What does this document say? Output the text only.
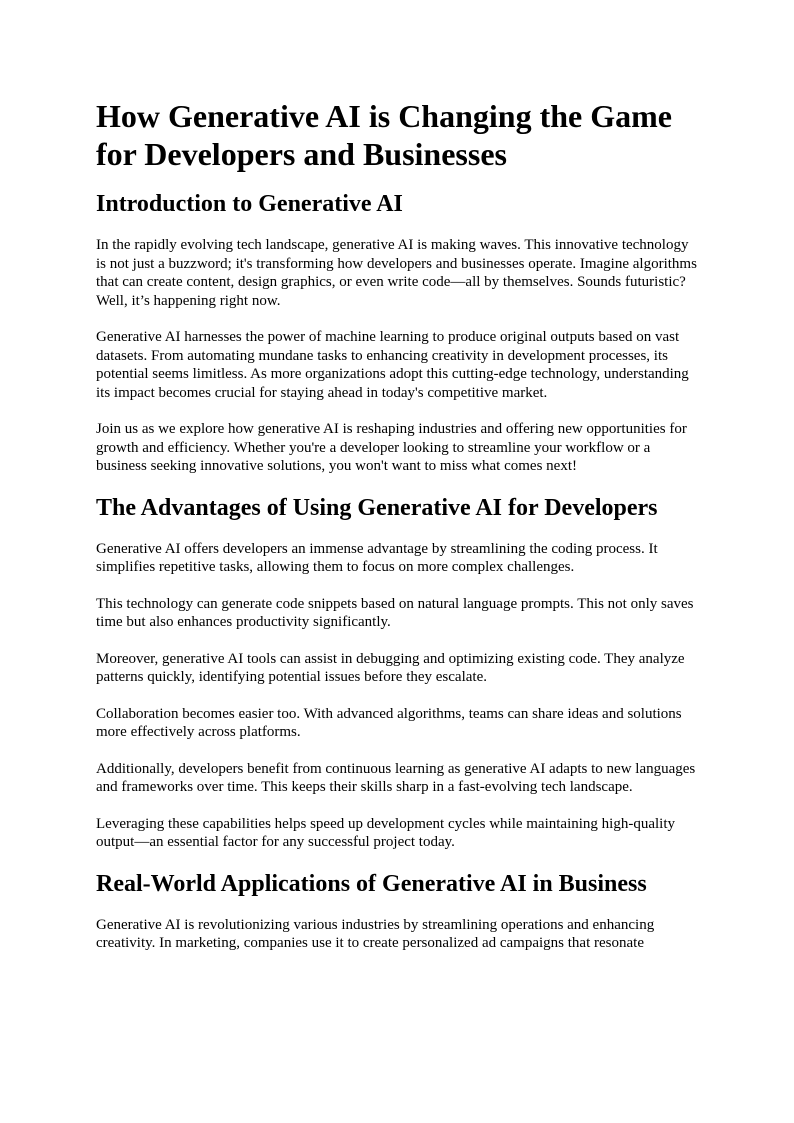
How Generative AI is Changing the Game for Developers and Businesses
Introduction to Generative AI

In the rapidly evolving tech landscape, generative AI is making waves. This innovative technology is not just a buzzword; it's transforming how developers and businesses operate. Imagine algorithms that can create content, design graphics, or even write code—all by themselves. Sounds futuristic? Well, it’s happening right now.

Generative AI harnesses the power of machine learning to produce original outputs based on vast datasets. From automating mundane tasks to enhancing creativity in development processes, its potential seems limitless. As more organizations adopt this cutting-edge technology, understanding its impact becomes crucial for staying ahead in today's competitive market.

Join us as we explore how generative AI is reshaping industries and offering new opportunities for growth and efficiency. Whether you're a developer looking to streamline your workflow or a business seeking innovative solutions, you won't want to miss what comes next!

The Advantages of Using Generative AI for Developers

Generative AI offers developers an immense advantage by streamlining the coding process. It simplifies repetitive tasks, allowing them to focus on more complex challenges.

This technology can generate code snippets based on natural language prompts. This not only saves time but also enhances productivity significantly.

Moreover, generative AI tools can assist in debugging and optimizing existing code. They analyze patterns quickly, identifying potential issues before they escalate.

Collaboration becomes easier too. With advanced algorithms, teams can share ideas and solutions more effectively across platforms.

Additionally, developers benefit from continuous learning as generative AI adapts to new languages and frameworks over time. This keeps their skills sharp in a fast-evolving tech landscape.

Leveraging these capabilities helps speed up development cycles while maintaining high-quality output—an essential factor for any successful project today.

Real-World Applications of Generative AI in Business

Generative AI is revolutionizing various industries by streamlining operations and enhancing creativity. In marketing, companies use it to create personalized ad campaigns that resonate
